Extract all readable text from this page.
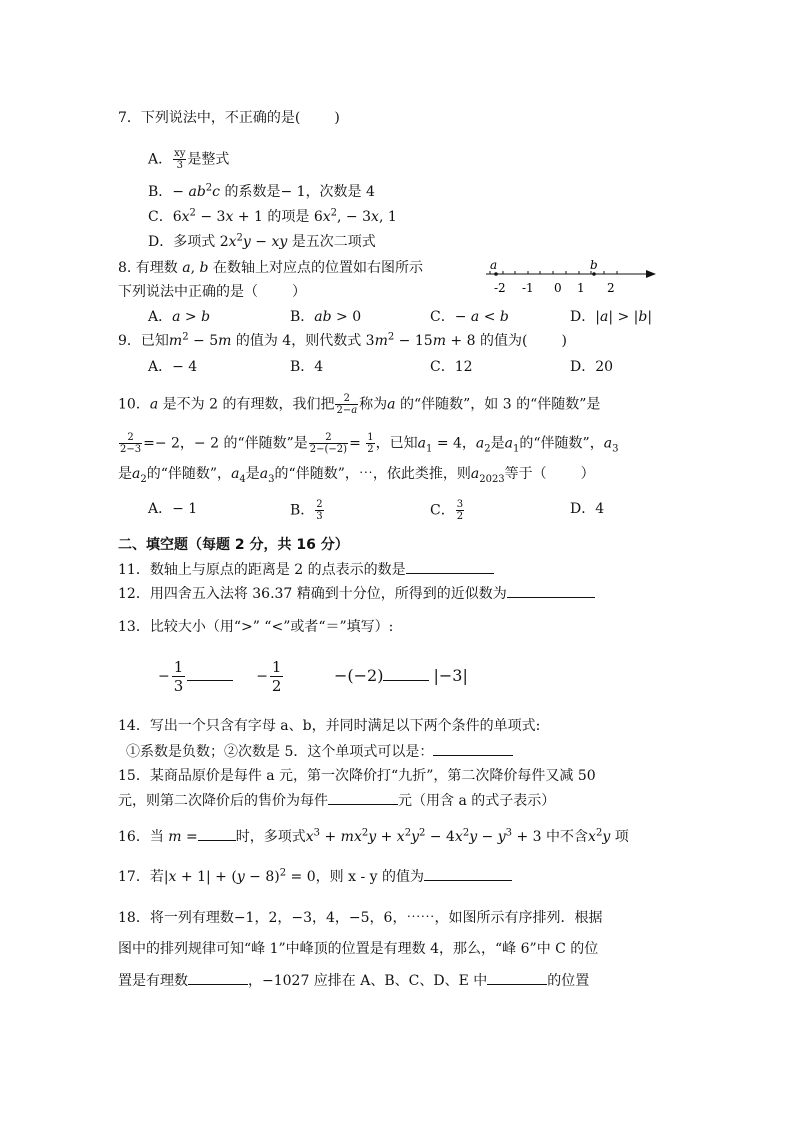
7．下列说法中，不正确的是( )
A． $\frac{xy}{3}$ 是整式
B．− $ab^2c$ 的系数是− 1，次数是 4
C．$6x^2 - 3x + 1$ 的项是 $6x^2$, − 3x, 1
D．多项式 $2x^2y$ − xy 是五次二项式
8. 有理数 a, b 在数轴上对应点的位置如右图所示
下列说法中正确的是（ ）
a	b
-2 -1 0 1 2
A．a > b	B．ab > 0	C．− a < b	D．|a| > |b|
9．已知$m^2 - 5m$ 的值为 4，则代数式 $3m^2 - 15m + 8$ 的值为( )
A．− 4	B．4	C．12	D．20
10．a 是不为 2 的有理数，我们把 $\frac{2}{2-a}$ 称为a 的“伴随数”，如 3 的“伴随数”是
$\frac{2}{2-3} =- 2$，− 2 的“伴随数”是 $\frac{2}{2-(-2)} = \frac{1}{2}$ ，已知$a_1 = 4$，$a_2$是$a_1$的“伴随数”，$a_3$
是$a_2$的“伴随数”，$a_4$是$a_3$的“伴随数”，⋯，依此类推，则$a_{2023}$等于（ ）
A．− 1	B． $\frac{2}{3}$	C． $\frac{3}{2}$	D．4
二、填空题（每题 2 分，共 16 分）
11．数轴上与原点的距离是 2 的点表示的数是
12．用四舍五入法将 36.37 精确到十分位，所得到的近似数为
13．比较大小（用“>” “<”或者“＝”填写）:
− $\frac{1}{3}$	− $\frac{1}{2}$	−(−2)	|−3|
14．写出一个只含有字母 a、b，并同时满足以下两个条件的单项式:
①系数是负数；②次数是 5．这个单项式可以是：
15．某商品原价是每件 a 元，第一次降价打“九折”，第二次降价每件又减 50
元，则第二次降价后的售价为每件	元（用含 a 的式子表示）
16．当 m =	时，多项式$x^3 + mx^2y + x^2y^2 - 4x^2y - y^3 + 3$ 中不含$x^2y$ 项
17．若$|x + 1| + (y - 8)^2 = 0$，则 x - y 的值为
18．将一列有理数−1，2，−3，4，−5，6，⋯⋯，如图所示有序排列．根据
图中的排列规律可知“峰 1”中峰顶的位置是有理数 4，那么，“峰 6”中 C 的位
置是有理数	，−1027 应排在 A、B、C、D、E 中	的位置
